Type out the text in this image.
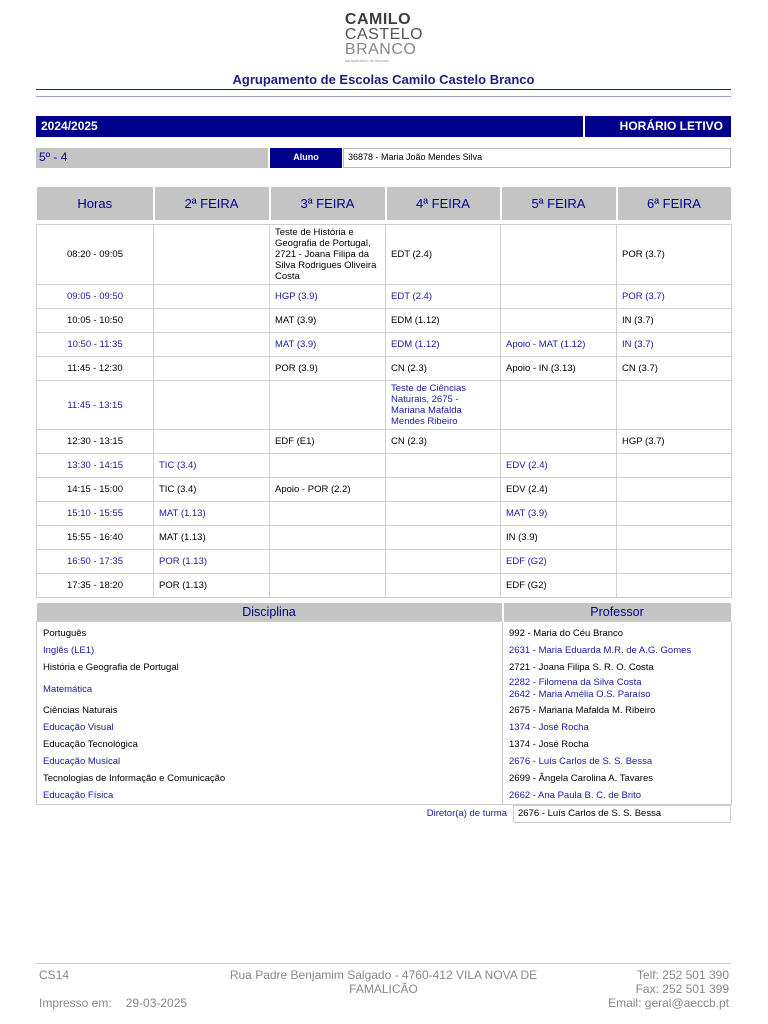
CAMILO
CASTELO
BRANCO
agrupamento de escolas
Agrupamento de Escolas Camilo Castelo Branco
2024/2025	HORÁRIO LETIVO
5º - 4	Aluno	36878 - Maria João Mendes Silva
Horas	2ª FEIRA	3ª FEIRA	4ª FEIRA	5ª FEIRA	6ª FEIRA

08:20 - 09:05		Teste de História e Geografia de Portugal, 2721 - Joana Filipa da Silva Rodrigues Oliveira Costa	EDT (2.4)		POR (3.7)
09:05 - 09:50		HGP (3.9)	EDT (2.4)		POR (3.7)
10:05 - 10:50		MAT (3.9)	EDM (1.12)		IN (3.7)
10:50 - 11:35		MAT (3.9)	EDM (1.12)	Apoio - MAT (1.12)	IN (3.7)
11:45 - 12:30		POR (3.9)	CN (2.3)	Apoio - IN (3.13)	CN (3.7)
11:45 - 13:15			Teste de Ciências Naturais, 2675 - Mariana Mafalda Mendes Ribeiro		
12:30 - 13:15		EDF (E1)	CN (2.3)		HGP (3.7)
13:30 - 14:15	TIC (3.4)			EDV (2.4)	
14:15 - 15:00	TIC (3.4)	Apoio - POR (2.2)		EDV (2.4)	
15:10 - 15:55	MAT (1.13)			MAT (3.9)	
15:55 - 16:40	MAT (1.13)			IN (3.9)	
16:50 - 17:35	POR (1.13)			EDF (G2)	
17:35 - 18:20	POR (1.13)			EDF (G2)	
Disciplina	Professor

Português	992 - Maria do Céu Branco
Inglês (LE1)	2631 - Maria Eduarda M.R. de A.G. Gomes
História e Geografia de Portugal	2721 - Joana Filipa S. R. O. Costa
Matemática	2282 - Filomena da Silva Costa
2642 - Maria Amélia O.S. Paraíso

Ciências Naturais	2675 - Mariana Mafalda M. Ribeiro
Educação Visual	1374 - José Rocha
Educação Tecnológica	1374 - José Rocha
Educação Musical	2676 - Luís Carlos de S. S. Bessa
Tecnologias de Informação e Comunicação	2699 - Ângela Carolina A. Tavares
Educação Física	2662 - Ana Paula B. C. de Brito
Diretor(a) de turma	2676 - Luís Carlos de S. S. Bessa
CS14
Impresso em: 29-03-2025
Rua Padre Benjamim Salgado - 4760-412 VILA NOVA DE FAMALICÃO
Telf: 252 501 390
Fax: 252 501 399
Email: geral@aeccb.pt
